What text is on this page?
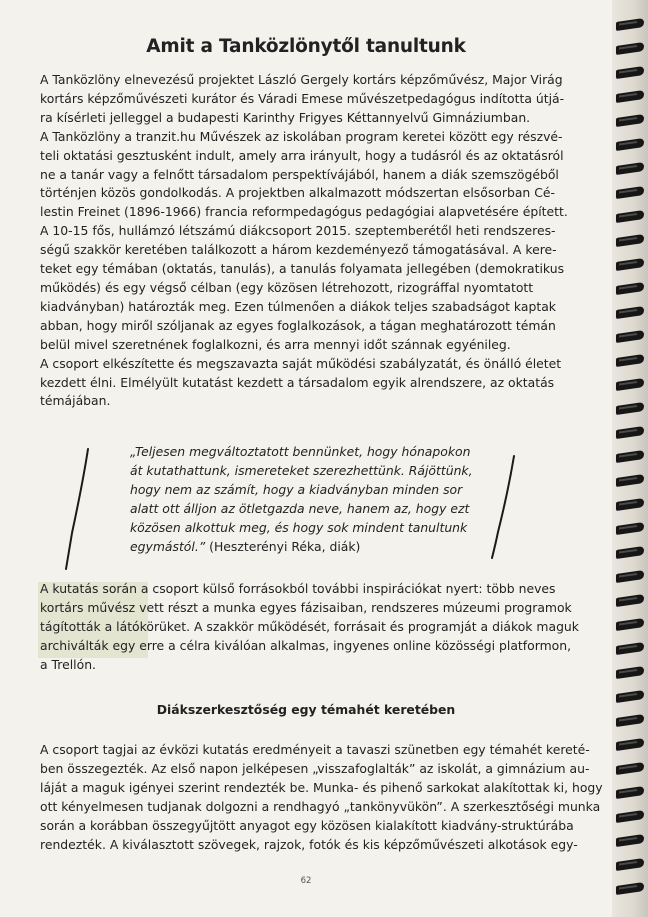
Amit a Tanközlönytől tanultunk

A Tanközlöny elnevezésű projektet László Gergely kortárs képzőművész, Major Virág
kortárs képzőművészeti kurátor és Váradi Emese művészetpedagógus indította útjá-
ra kísérleti jelleggel a budapesti Karinthy Frigyes Kéttannyelvű Gimnáziumban.
A Tanközlöny a tranzit.hu Művészek az iskolában program keretei között egy részvé-
teli oktatási gesztusként indult, amely arra irányult, hogy a tudásról és az oktatásról
ne a tanár vagy a felnőtt társadalom perspektívájából, hanem a diák szemszögéből
történjen közös gondolkodás. A projektben alkalmazott módszertan elsősorban Cé-
lestin Freinet (1896-1966) francia reformpedagógus pedagógiai alapvetésére épített.
A 10-15 fős, hullámzó létszámú diákcsoport 2015. szeptemberétől heti rendszeres-
ségű szakkör keretében találkozott a három kezdeményező támogatásával. A kere-
teket egy témában (oktatás, tanulás), a tanulás folyamata jellegében (demokratikus
működés) és egy végső célban (egy közösen létrehozott, rizográffal nyomtatott
kiadványban) határozták meg. Ezen túlmenően a diákok teljes szabadságot kaptak
abban, hogy miről szóljanak az egyes foglalkozások, a tágan meghatározott témán
belül mivel szeretnének foglalkozni, és arra mennyi időt szánnak egyénileg.
A csoport elkészítette és megszavazta saját működési szabályzatát, és önálló életet
kezdett élni. Elmélyült kutatást kezdett a társadalom egyik alrendszere, az oktatás
témájában.

„Teljesen megváltoztatott bennünket, hogy hónapokon
át kutathattunk, ismereteket szerezhettünk. Rájöttünk,
hogy nem az számít, hogy a kiadványban minden sor
alatt ott álljon az ötletgazda neve, hanem az, hogy ezt
közösen alkottuk meg, és hogy sok mindent tanultunk
egymástól.” (Heszterényi Réka, diák)

A kutatás során a csoport külső forrásokból további inspirációkat nyert: több neves
kortárs művész vett részt a munka egyes fázisaiban, rendszeres múzeumi programok
tágították a látókörüket. A szakkör működését, forrásait és programját a diákok maguk
archiválták egy erre a célra kiválóan alkalmas, ingyenes online közösségi platformon,
a Trellón.

Diákszerkesztőség egy témahét keretében

A csoport tagjai az évközi kutatás eredményeit a tavaszi szünetben egy témahét kereté-
ben összegezték. Az első napon jelképesen „visszafoglalták” az iskolát, a gimnázium au-
láját a maguk igényei szerint rendezték be. Munka- és pihenő sarkokat alakítottak ki, hogy
ott kényelmesen tudjanak dolgozni a rendhagyó „tankönyvükön”. A szerkesztőségi munka
során a korábban összegyűjtött anyagot egy közösen kialakított kiadvány-struktúrába
rendezték. A kiválasztott szövegek, rajzok, fotók és kis képzőművészeti alkotások egy-

62
